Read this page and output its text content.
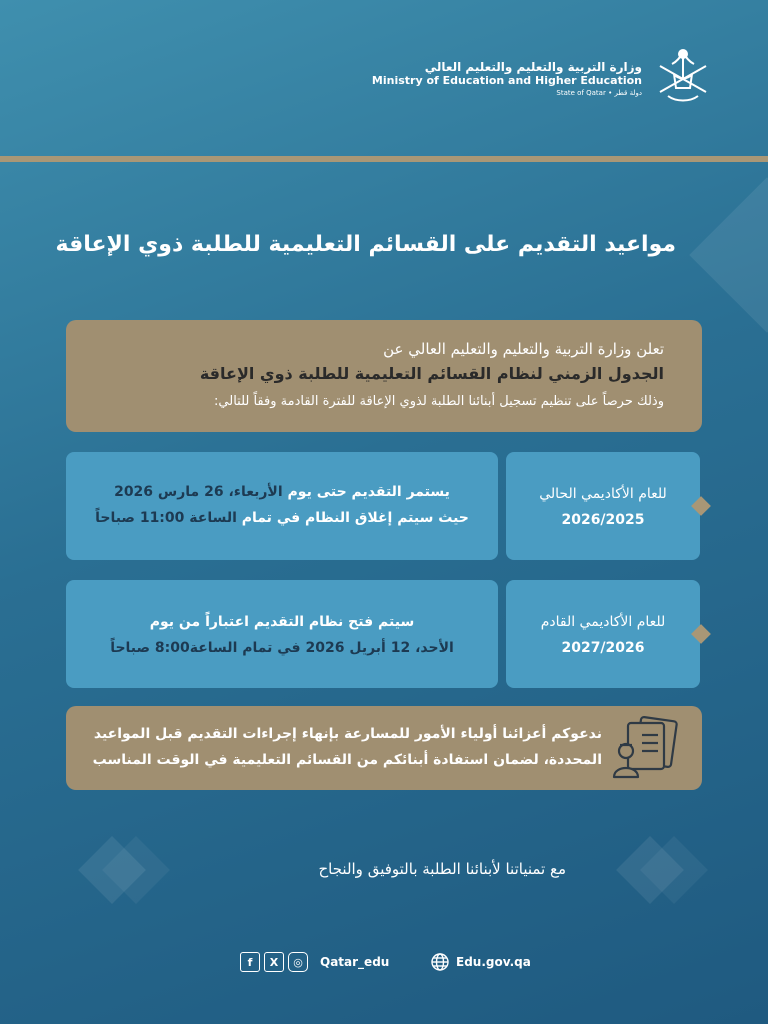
وزارة التربية والتعليم والتعليم العالي
Ministry of Education and Higher Education
State of Qatar • دولة قطر
مواعيد التقديم على القسائم التعليمية للطلبة ذوي الإعاقة
تعلن وزارة التربية والتعليم والتعليم العالي عن
الجدول الزمني لنظام القسائم التعليمية للطلبة ذوي الإعاقة
وذلك حرصاً على تنظيم تسجيل أبنائنا الطلبة لذوي الإعاقة للفترة القادمة وفقاً للتالي:
للعام الأكاديمي الحالي
2026/2025
يستمر التقديم حتى يوم الأربعاء، 26 مارس 2026
حيث سيتم إغلاق النظام في تمام الساعة 11:00 صباحاً
للعام الأكاديمي القادم
2027/2026
سيتم فتح نظام التقديم اعتباراً من يوم
الأحد، 12 أبريل 2026 في تمام الساعة8:00 صباحاً
ندعوكم أعزائنا أولياء الأمور للمسارعة بإنهاء إجراءات التقديم قبل المواعيد
المحددة، لضمان استفادة أبنائكم من القسائم التعليمية في الوقت المناسب
مع تمنياتنا لأبنائنا الطلبة بالتوفيق والنجاح
f	X	◎	Qatar_edu	Edu.gov.qa
